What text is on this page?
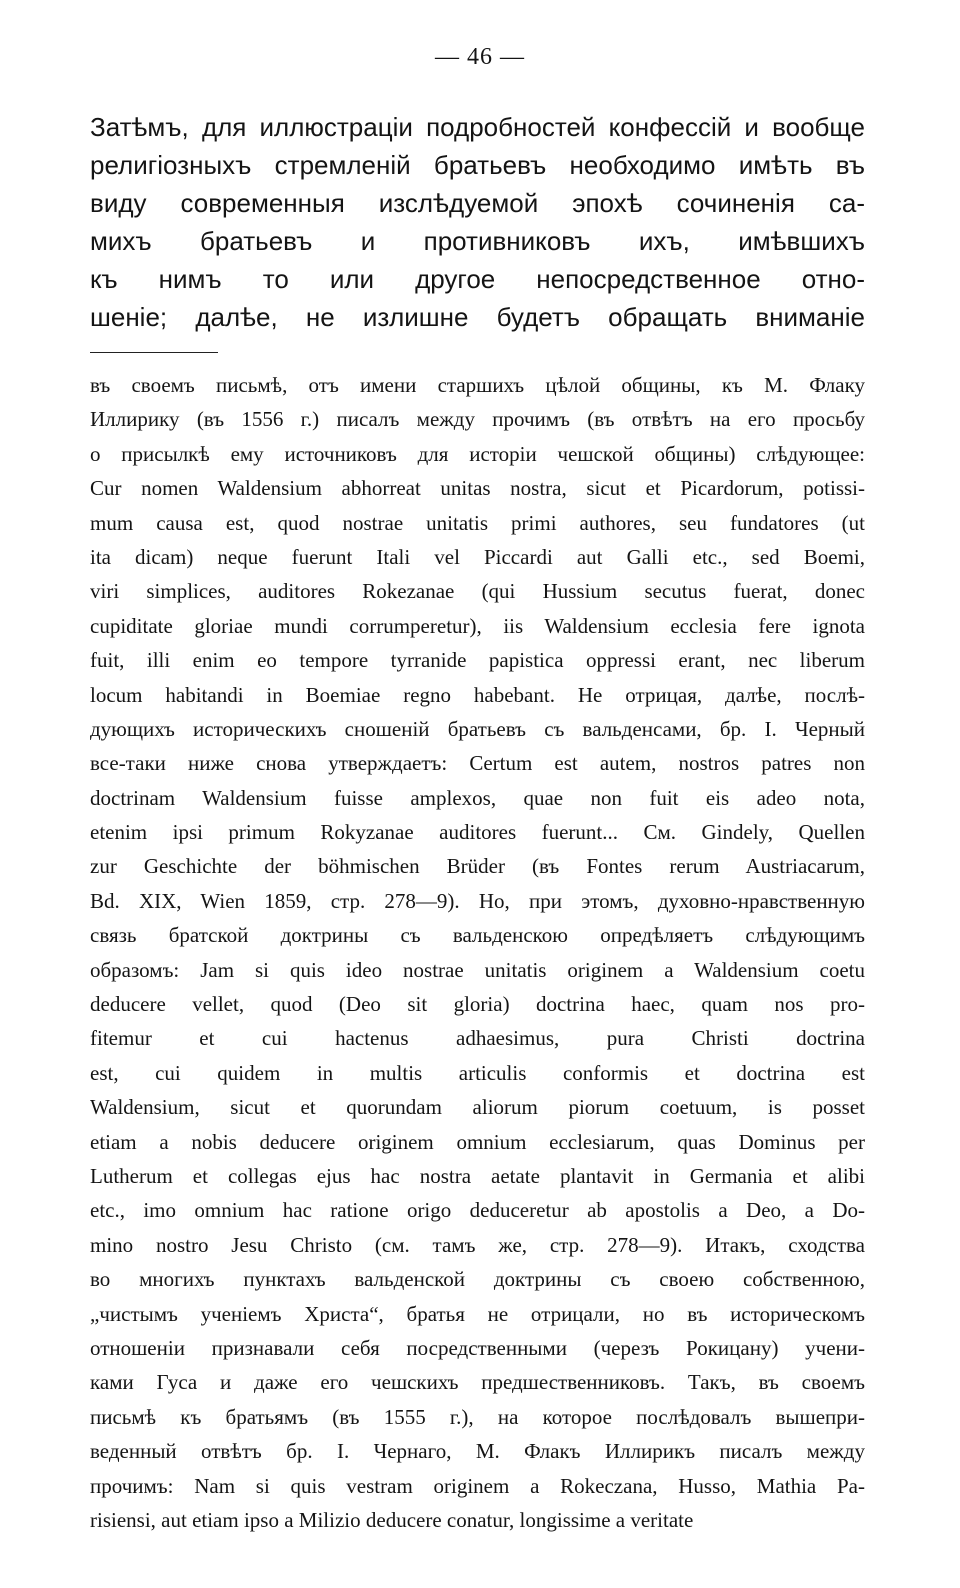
— 46 —
Затѣмъ, для иллюстраціи подробностей конфессій и вообще
религіозныхъ стремленій братьевъ необходимо имѣть въ
виду современныя изслѣдуемой эпохѣ сочиненія са-
михъ братьевъ и противниковъ ихъ, имѣвшихъ
къ нимъ то или другое непосредственное отно-
шеніе; далѣе, не излишне будетъ обращать вниманіе
въ своемъ письмѣ, отъ имени старшихъ цѣлой общины, къ М. Флаку
Иллирику (въ 1556 г.) писалъ между прочимъ (въ отвѣтъ на его просьбу
о присылкѣ ему источниковъ для исторіи чешской общины) слѣдующее:
Cur nomen Waldensium abhorreat unitas nostra, sicut et Picardorum, potissi-
mum causa est, quod nostrae unitatis primi authores, seu fundatores (ut
ita dicam) neque fuerunt Itali vel Piccardi aut Galli etc., sed Boemi,
viri simplices, auditores Rokezanae (qui Hussium secutus fuerat, donec
cupiditate gloriae mundi corrumperetur), iis Waldensium ecclesia fere ignota
fuit, illi enim eo tempore tyrranide papistica oppressi erant, nec liberum
locum habitandi in Boemiae regno habebant. Не отрицая, далѣе, послѣ-
дующихъ историческихъ сношеній братьевъ съ вальденсами, бр. I. Черный
все-таки ниже снова утверждаетъ: Certum est autem, nostros patres non
doctrinam Waldensium fuisse amplexos, quae non fuit eis adeo nota,
etenim ipsi primum Rokyzanae auditores fuerunt... См. Gindely, Quellen
zur Geschichte der böhmischen Brüder (въ Fontes rerum Austriacarum,
Bd. XIX, Wien 1859, стр. 278—9). Но, при этомъ, духовно-нравственную
связь братской доктрины съ вальденскою опредѣляетъ слѣдующимъ
образомъ: Jam si quis ideo nostrae unitatis originem a Waldensium coetu
deducere vellet, quod (Deo sit gloria) doctrina haec, quam nos pro-
fitemur et cui hactenus adhaesimus, pura Christi doctrina
est, cui quidem in multis articulis conformis et doctrina est
Waldensium, sicut et quorundam aliorum piorum coetuum, is posset
etiam a nobis deducere originem omnium ecclesiarum, quas Dominus per
Lutherum et collegas ejus hac nostra aetate plantavit in Germania et alibi
etc., imo omnium hac ratione origo deduceretur ab apostolis a Deo, a Do-
mino nostro Jesu Christo (см. тамъ же, стр. 278—9). Итакъ, сходства
во многихъ пунктахъ вальденской доктрины съ своею собственною,
„чистымъ ученіемъ Христа“, братья не отрицали, но въ историческомъ
отношеніи признавали себя посредственными (черезъ Рокицану) учени-
ками Гуса и даже его чешскихъ предшественниковъ. Такъ, въ своемъ
письмѣ къ братьямъ (въ 1555 г.), на которое послѣдовалъ вышепри-
веденный отвѣтъ бр. I. Чернаго, М. Флакъ Иллирикъ писалъ между
прочимъ: Nam si quis vestram originem a Rokeczana, Husso, Mathia Pa-
risiensi, aut etiam ipso a Milizio deducere conatur, longissime a veritate
